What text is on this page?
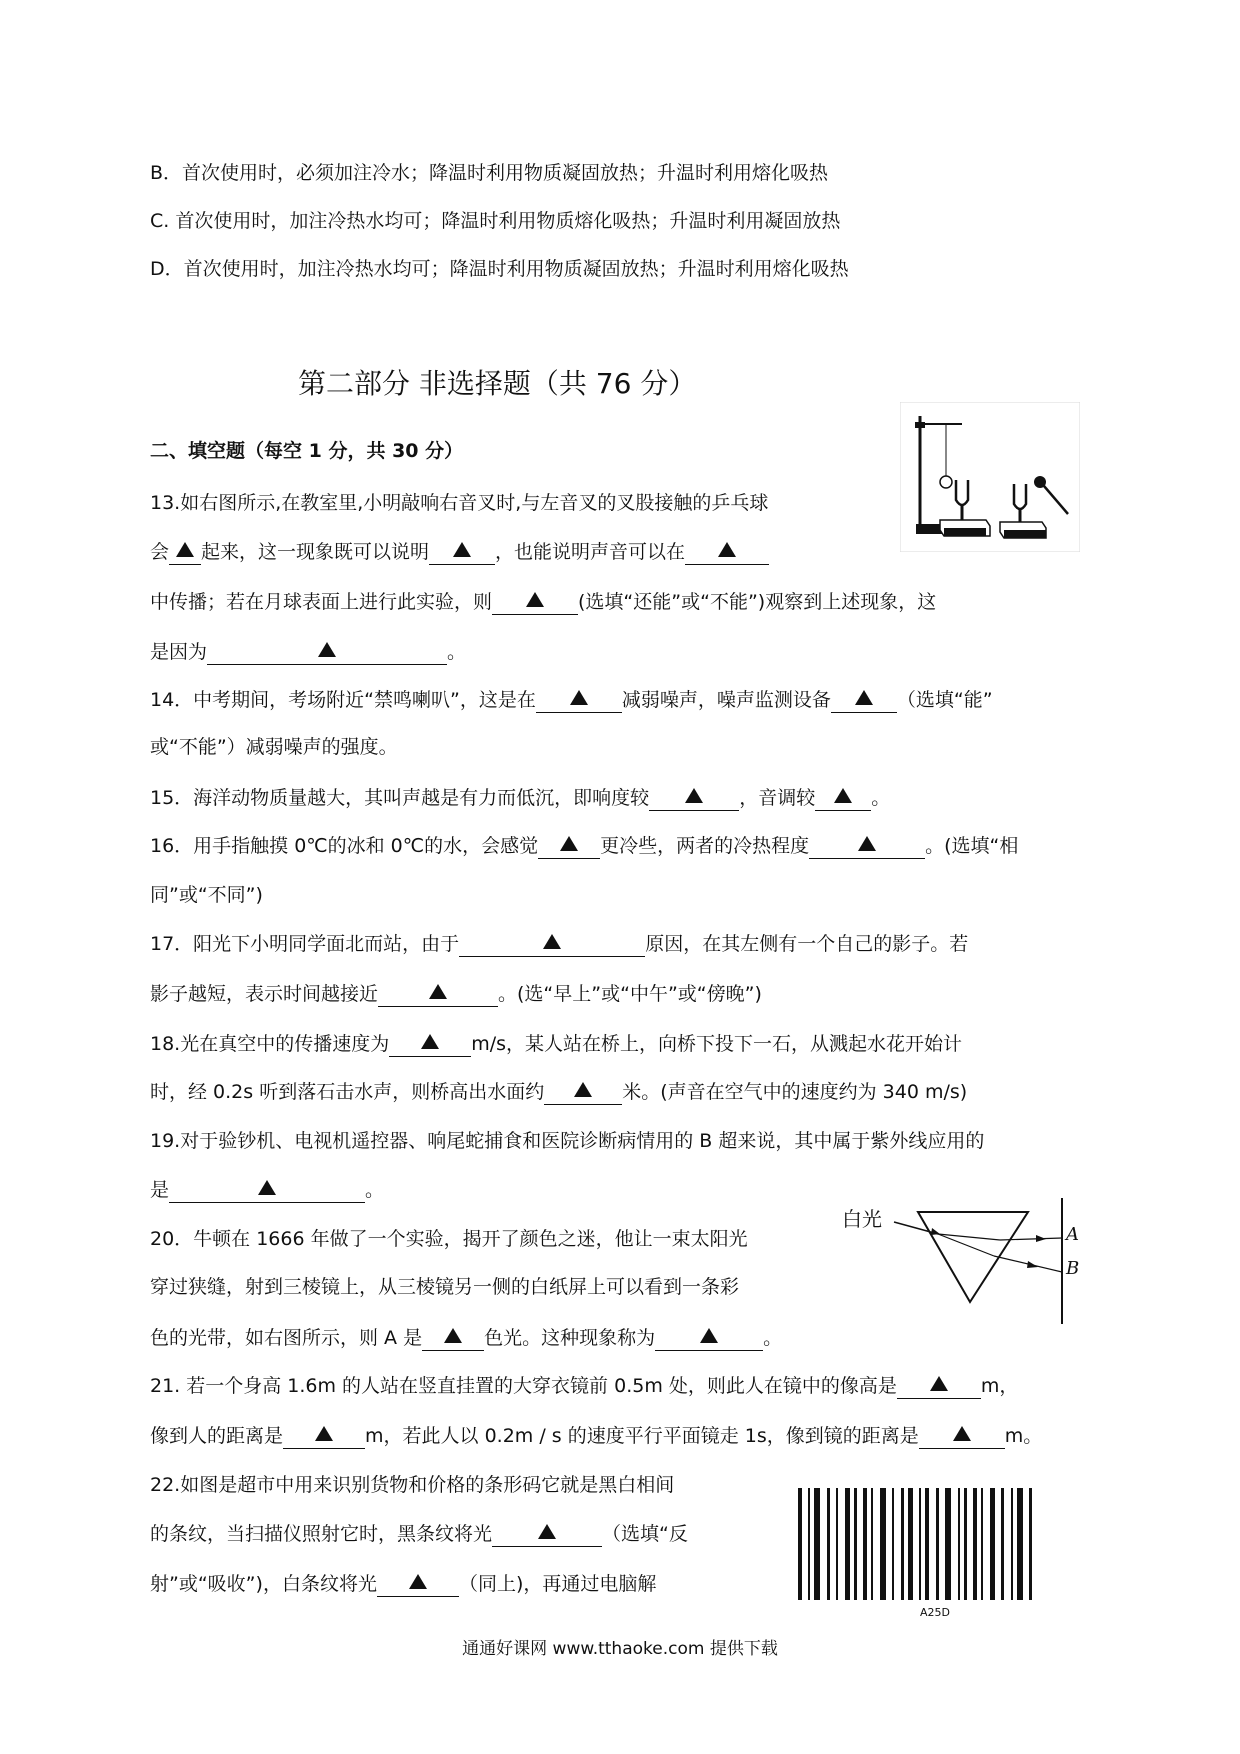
B．首次使用时，必须加注冷水；降温时利用物质凝固放热；升温时利用熔化吸热
C. 首次使用时，加注冷热水均可；降温时利用物质熔化吸热；升温时利用凝固放热
D．首次使用时，加注冷热水均可；降温时利用物质凝固放热；升温时利用熔化吸热
第二部分 非选择题（共 76 分）
二、填空题（每空 1 分，共 30 分）
13.如右图所示,在教室里,小明敲响右音叉时,与左音叉的叉股接触的乒乓球
会 起来，这一现象既可以说明	，也能说明声音可以在
中传播；若在月球表面上进行此实验，则	(选填“还能”或“不能”)观察到上述现象，这
是因为	。
14．中考期间，考场附近“禁鸣喇叭”，这是在	减弱噪声，噪声监测设备	（选填“能”
或“不能”）减弱噪声的强度。
15．海洋动物质量越大，其叫声越是有力而低沉，即响度较	，音调较	。
16．用手指触摸 0℃的冰和 0℃的水，会感觉	更冷些，两者的冷热程度	。(选填“相
同”或“不同”)
17．阳光下小明同学面北而站，由于	原因，在其左侧有一个自己的影子。若
影子越短，表示时间越接近	。(选“早上”或“中午”或“傍晚”)
18.光在真空中的传播速度为	m/s，某人站在桥上，向桥下投下一石，从溅起水花开始计
时，经 0.2s 听到落石击水声，则桥高出水面约	米。(声音在空气中的速度约为 340 m/s)
19.对于验钞机、电视机遥控器、响尾蛇捕食和医院诊断病情用的 B 超来说，其中属于紫外线应用的
是	。
20．牛顿在 1666 年做了一个实验，揭开了颜色之迷，他让一束太阳光
穿过狭缝，射到三棱镜上，从三棱镜另一侧的白纸屏上可以看到一条彩
色的光带，如右图所示，则 A 是	色光。这种现象称为	。
21. 若一个身高 1.6m 的人站在竖直挂置的大穿衣镜前 0.5m 处，则此人在镜中的像高是	m，
像到人的距离是	m，若此人以 0.2m / s 的速度平行平面镜走 1s，像到镜的距离是	m。
22.如图是超市中用来识别货物和价格的条形码它就是黑白相间
的条纹，当扫描仪照射它时，黑条纹将光	（选填“反
射”或“吸收”)，白条纹将光	（同上)，再通过电脑解
白光
A
B
A25D
通通好课网 www.tthaoke.com 提供下载
